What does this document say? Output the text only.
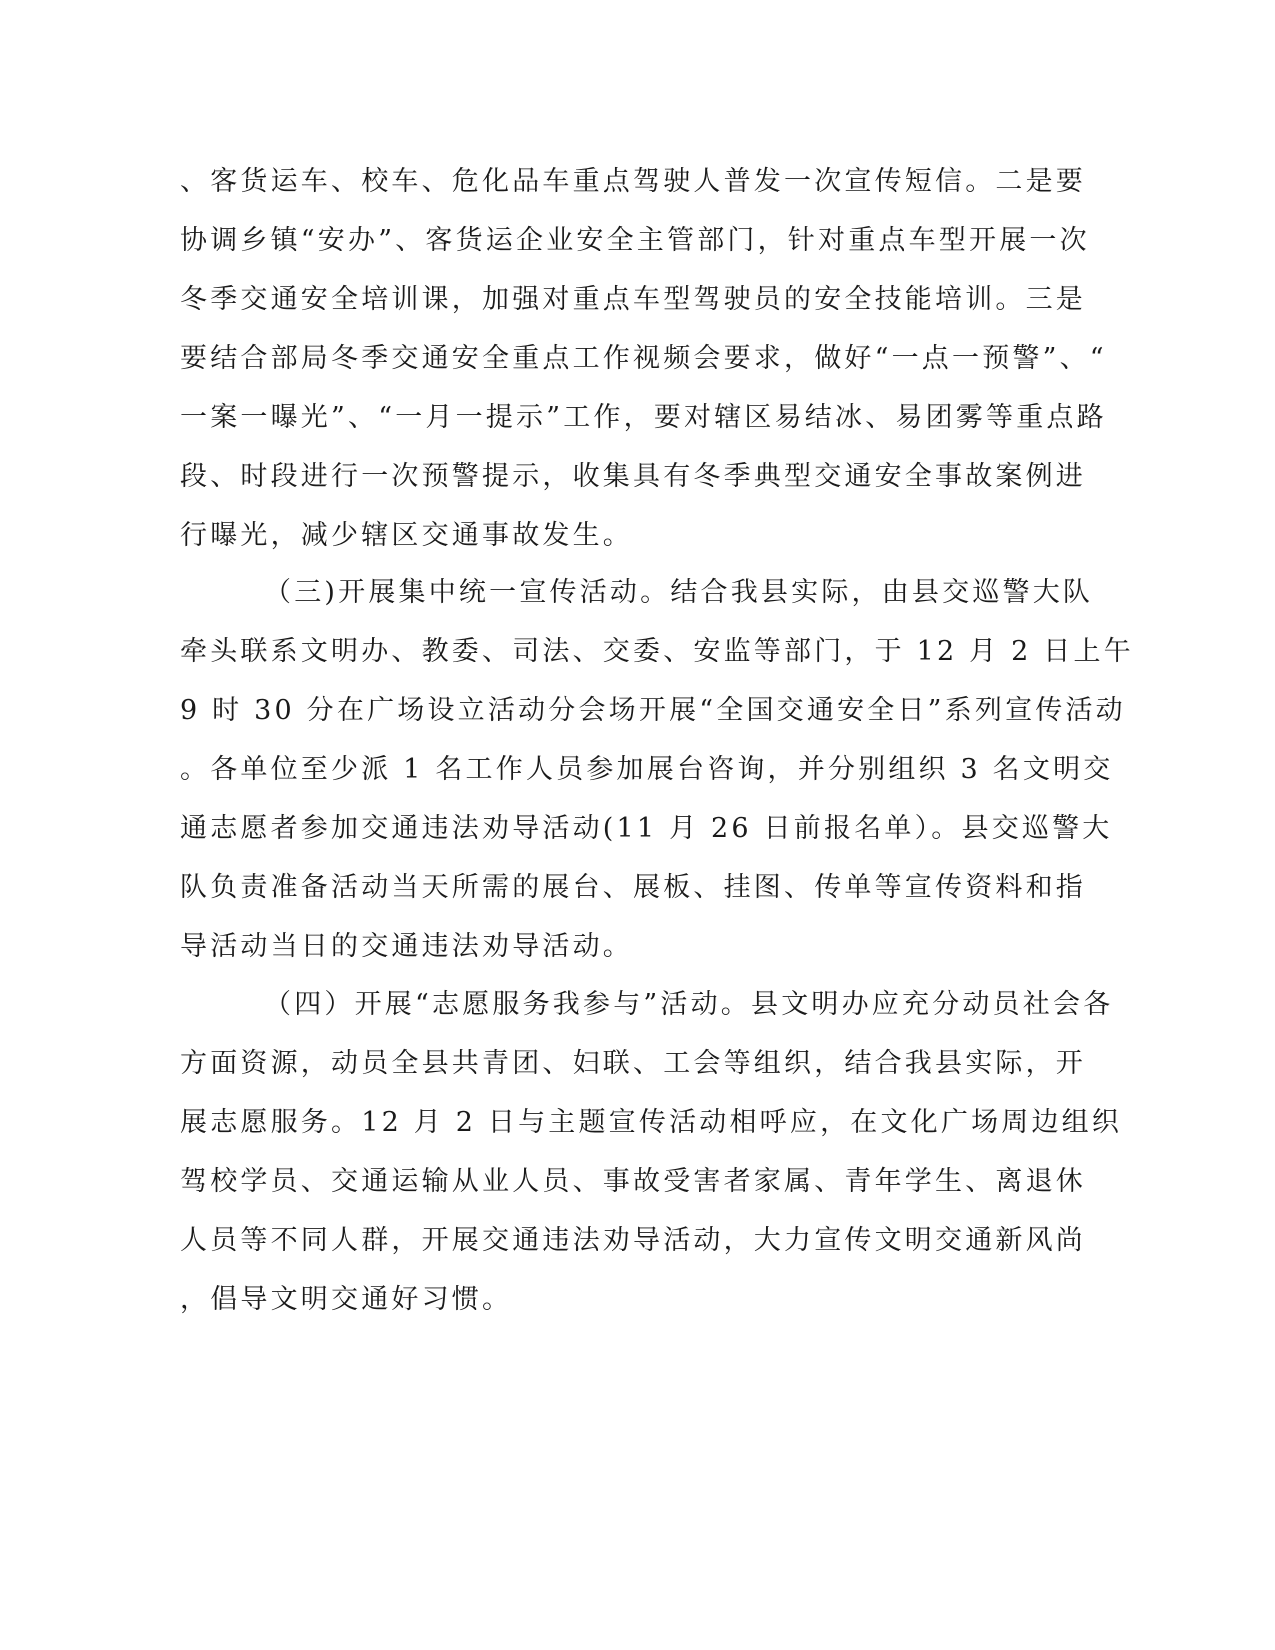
、客货运车、校车、危化品车重点驾驶人普发一次宣传短信。二是要
协调乡镇“安办”、客货运企业安全主管部门，针对重点车型开展一次
冬季交通安全培训课，加强对重点车型驾驶员的安全技能培训。三是
要结合部局冬季交通安全重点工作视频会要求，做好“一点一预警”、“
一案一曝光”、“一月一提示”工作，要对辖区易结冰、易团雾等重点路
段、时段进行一次预警提示，收集具有冬季典型交通安全事故案例进
行曝光，减少辖区交通事故发生。
（三)开展集中统一宣传活动。结合我县实际，由县交巡警大队
牵头联系文明办、教委、司法、交委、安监等部门，于 12 月 2 日上午
9 时 30 分在广场设立活动分会场开展“全国交通安全日”系列宣传活动
。各单位至少派 1 名工作人员参加展台咨询，并分别组织 3 名文明交
通志愿者参加交通违法劝导活动(11 月 26 日前报名单）。县交巡警大
队负责准备活动当天所需的展台、展板、挂图、传单等宣传资料和指
导活动当日的交通违法劝导活动。
（四）开展“志愿服务我参与”活动。县文明办应充分动员社会各
方面资源，动员全县共青团、妇联、工会等组织，结合我县实际，开
展志愿服务。12 月 2 日与主题宣传活动相呼应，在文化广场周边组织
驾校学员、交通运输从业人员、事故受害者家属、青年学生、离退休
人员等不同人群，开展交通违法劝导活动，大力宣传文明交通新风尚
，倡导文明交通好习惯。
